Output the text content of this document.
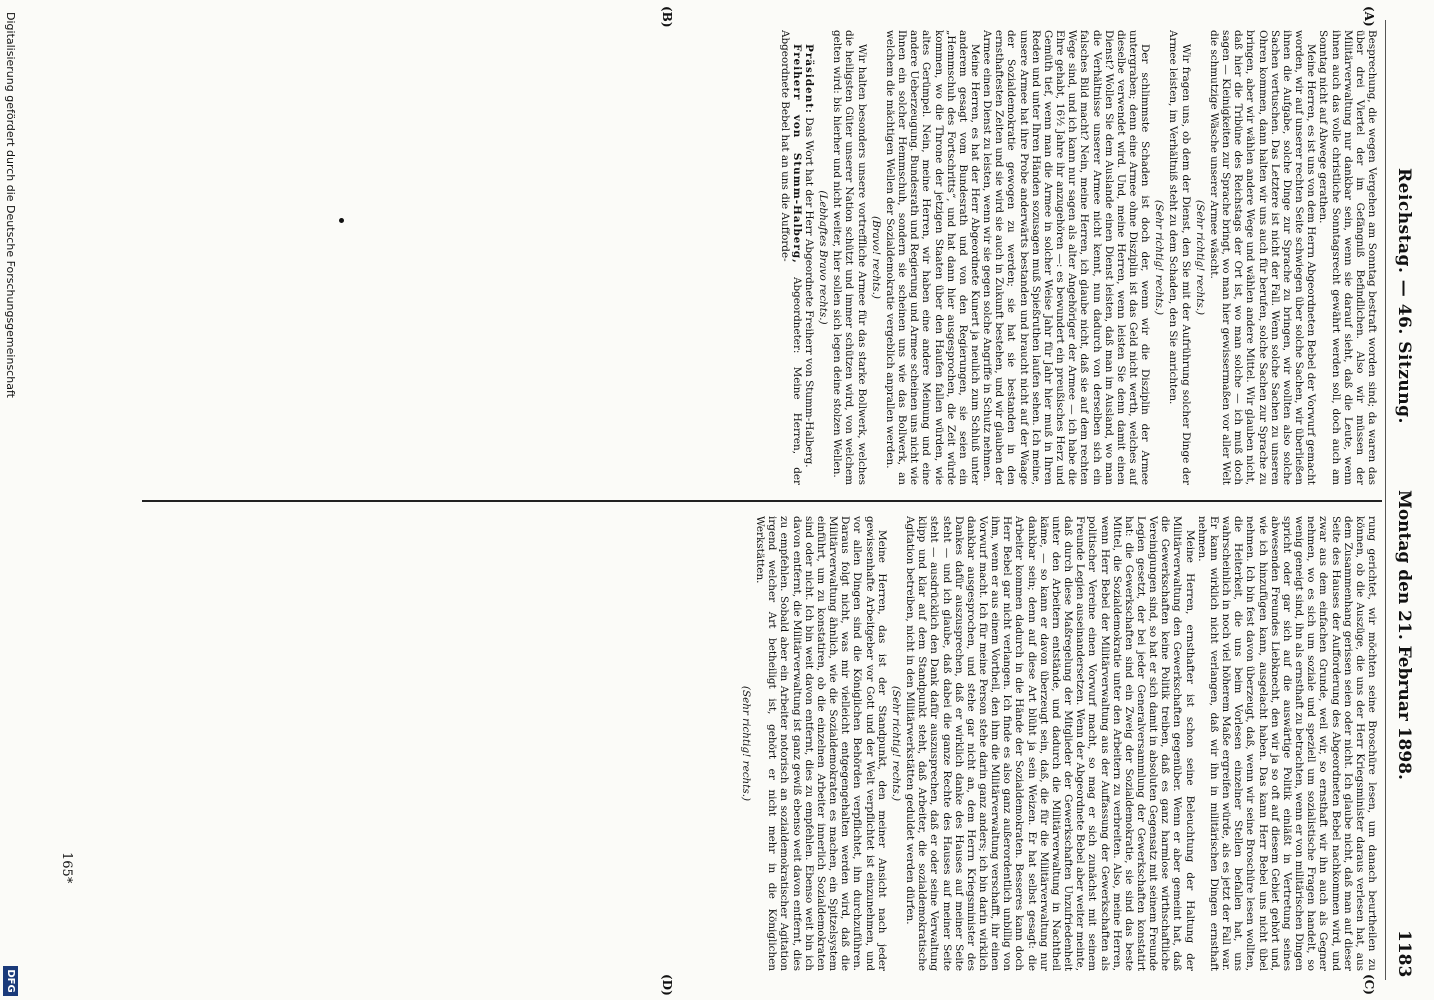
Reichstag. — 46. Sitzung.
Montag den 21. Februar 1898.
1183
(A)
(B)
(C)
(D)

Besprechung, die wegen Vergehen am Sonntag bestraft worden sind; da waren das über drei Viertel der im Gefängniß Befindlichen. Also wir müssen der Militärverwaltung nur dankbar sein, wenn sie darauf sieht, daß die Leute, wenn ihnen auch das volle christliche Sonntagsrecht gewährt werden soll, doch auch am Sonntag nicht auf Abwege gerathen.

Meine Herren, es ist uns von dem Herrn Abgeordneten Bebel der Vorwurf gemacht worden, wir auf unserer rechten Seite schwiegen über solche Sachen, wir überließen ihnen die Aufgabe, solche Dinge zur Sprache zu bringen, wir wollten also solche Sachen vertuschen. Das Letztere ist nicht der Fall. Wenn solche Sachen zu unseren Ohren kommen, dann halten wir uns auch für berufen, solche Sachen zur Sprache zu bringen, aber wir wählen andere Wege und wählen andere Mittel. Wir glauben nicht, daß hier die Tribüne des Reichstags der Ort ist, wo man solche — ich muß doch sagen — Kleinigkeiten zur Sprache bringt, wo man hier gewissermaßen vor aller Welt die schmutzige Wäsche unserer Armee wäscht.

(Sehr richtig! rechts.)

Wir fragen uns, ob dem der Dienst, den Sie mit der Aufrührung solcher Dinge der Armee leisten, im Verhältniß steht zu dem Schaden, den Sie anrichten.

(Sehr richtig! rechts.)

Der schlimmste Schaden ist doch der, wenn wir die Disziplin der Armee untergraben; denn eine Armee ohne Disziplin ist das Geld nicht werth, welches auf dieselbe verwendet wird. Und, meine Herren, wenn leisten Sie denn damit einen Dienst? Wollen Sie dem Auslande einen Dienst leisten, daß man im Ausland, wo man die Verhältnisse unserer Armee nicht kennt, nun dadurch von derselben sich ein falsches Bild macht? Nein, meine Herren, ich glaube nicht, daß sie auf dem rechten Wege sind, und ich kann nur sagen als alter Angehöriger der Armee — ich habe die Ehre gehabt, 16½ Jahre ihr anzugehören —: es bewundert ein preußisches Herz und Gemüth tief, wenn man die Armee in solcher Weise Jahr für Jahr hier muß in Ihren Reden und unter Ihren Händen sozusagen muß Spießruthen laufen sehen. Ich meine, unsere Armee hat ihre Probe anderwärts bestanden und braucht nicht auf der Waage der Sozialdemokratie gewogen zu werden; sie hat sie bestanden in den ernsthaftesten Zeiten und sie wird sie auch in Zukunft bestehen, und wir glauben der Armee einen Dienst zu leisten, wenn wir sie gegen solche Angriffe in Schutz nehmen.

Meine Herren, es hat der Herr Abgeordnete Kunert ja neulich zum Schluß unter anderem gesagt vom Bundesrath und von den Regierungen, sie seien ein „Hemmschuh des Fortschritts“, und hat dann hier ausgesprochen, die Zeit würde kommen, wo die Throne der jetzigen Staaten über den Haufen fallen würden, wie altes Gerümpel. Nein, meine Herren, wir haben eine andere Meinung und eine andere Ueberzeugung. Bundesrath und Regierung und Armee scheinen uns nicht wie Ihnen ein solcher Hemmschuh, sondern sie scheinen uns wie das Bollwerk, an welchem die mächtigen Wellen der Sozialdemokratie vergeblich anprallen werden.

(Bravo! rechts.)

Wir halten besonders unsere vortreffliche Armee für das starke Bollwerk, welches die heiligsten Güter unserer Nation schützt und immer schützen wird, von welchem gelten wird: bis hierher und nicht weiter, hier sollen sich legen deine stolzen Wellen.

(Lebhaftes Bravo rechts.)

Präsident: Das Wort hat der Herr Abgeordnete Freiherr von Stumm-Halberg.

Freiherr von Stumm-Halberg, Abgeordneter: Meine Herren, der Abgeordnete Bebel hat an uns die Aufforde-

rung gerichtet, wir möchten seine Broschüre lesen, um danach beurtheilen zu können, ob die Auszüge, die uns der Herr Kriegsminister daraus verlesen hat, aus dem Zusammenhang gerissen seien oder nicht. Ich glaube nicht, daß man auf dieser Seite des Hauses der Aufforderung des Abgeordneten Bebel nachkommen wird, und zwar aus dem einfachen Grunde, weil wir, so ernsthaft wir ihn auch als Gegner nehmen, wo es sich um soziale und speziell um sozialistische Fragen handelt, so wenig geneigt sind, ihn als ernsthaft zu betrachten, wenn er von militärischen Dingen spricht oder gar sich auf die auswärtige Politik einläßt in Vertretung seines abwesenden Freundes Liebknecht, den wir ja so oft auf diesem Gebiet gehört und, wie ich hinzufügen kann, ausgelacht haben. Das kann Herr Bebel uns nicht übel nehmen. Ich bin fest davon überzeugt, daß, wenn wir seine Broschüre lesen wollten, die Heiterkeit, die uns beim Vorlesen einzelner Stellen befallen hat, uns wahrscheinlich in noch viel höherem Maße ergreifen würde, als es jetzt der Fall war. Er kann wirklich nicht verlangen, daß wir ihn in militärischen Dingen ernsthaft nehmen.

Meine Herren, ernsthafter ist schon seine Beleuchtung der Haltung der Militärverwaltung den Gewerkschaften gegenüber. Wenn er aber gemeint hat, daß die Gewerkschaften keine Politik treiben, daß es ganz harmlose wirthschaftliche Vereinigungen sind, so hat er sich damit in absoluten Gegensatz mit seinem Freunde Legien gesetzt, der bei jeder Generalversammlung der Gewerkschaften konstatirt hat: die Gewerkschaften sind ein Zweig der Sozialdemokratie, sie sind das beste Mittel, die Sozialdemokratie unter den Arbeitern zu verbreiten. Also, meine Herren, wenn Herr Bebel der Militärverwaltung aus der Auffassung der Gewerkschaften als politischer Vereine einen Vorwurf macht, so mag er sich zunächst mit seinem Freunde Legien auseinandersetzen. Wenn der Abgeordnete Bebel aber weiter meinte, daß durch diese Maßregelung der Mitglieder der Gewerkschaften Unzufriedenheit unter den Arbeitern entstände, und dadurch die Militärverwaltung in Nachtheil käme, — so kann er davon überzeugt sein, daß, die für die Militärverwaltung nur dankbar sein; denn auf diese Art blüht ja sein Weizen. Er hat selbst gesagt: die Arbeiter kommen dadurch in die Hände der Sozialdemokraten. Besseres kann doch Herr Bebel gar nicht verlangen. Ich finde es also ganz außerordentlich unbillig von ihm, wenn er aus einem Vortheil, den ihm die Militärverwaltung verschafft, ihr einen Vorwurf macht. Ich für meine Person stehe darin ganz anders; ich bin darin wirklich dankbar ausgesprochen, und stehe gar nicht an, dem Herrn Kriegsminister des Dankes dafür auszusprechen, daß er wirklich danke des Hauses auf meiner Seite steht — und ich glaube, daß dabei die ganze Rechte des Hauses auf meiner Seite steht — ausdrücklich den Dank dafür auszusprechen, daß er oder seine Verwaltung klipp und klar auf dem Standpunkt steht, daß Arbeiter, die sozialdemokratische Agitation betreiben, nicht in den Militärwerkstätten geduldet werden dürfen.

(Sehr richtig! rechts.)

Meine Herren, das ist der Standpunkt, den meiner Ansicht nach jeder gewissenhafte Arbeitgeber vor Gott und der Welt verpflichtet ist einzunehmen, und vor allen Dingen sind die Königlichen Behörden verpflichtet, ihn durchzuführen. Daraus folgt nicht, was mir vielleicht entgegengehalten werden wird, daß die Militärverwaltung ähnlich, wie die Sozialdemokraten es machen, ein Spitzelsystem einführt, um zu konstatiren, ob die einzelnen Arbeiter innerlich Sozialdemokraten sind oder nicht. Ich bin weit davon entfernt, dies zu empfehlen. Ebenso weit bin ich davon entfernt, die Militärverwaltung ist ganz gewiß ebenso weit davon entfernt, dies zu empfehlen. Sobald aber ein Arbeiter notorisch an sozialdemokratischer Agitation irgend welcher Art betheiligt ist, gehört er nicht mehr in die Königlichen Werkstätten.

(Sehr richtig! rechts.)
165*
Digitalisierung gefördert durch die Deutsche Forschungsgemeinschaft
DFG
